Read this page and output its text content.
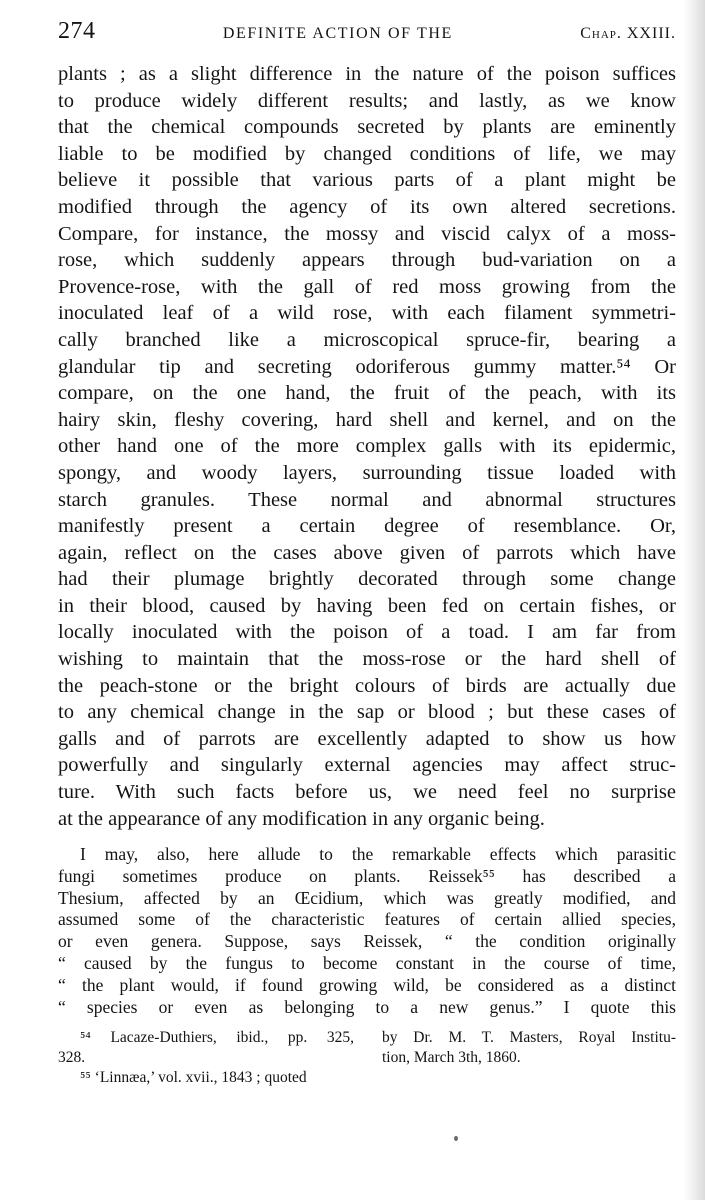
274	DEFINITE ACTION OF THE	Chap. XXIII.
plants ; as a slight difference in the nature of the poison suffices
to produce widely different results; and lastly, as we know
that the chemical compounds secreted by plants are eminently
liable to be modified by changed conditions of life, we may
believe it possible that various parts of a plant might be
modified through the agency of its own altered secretions.
Compare, for instance, the mossy and viscid calyx of a moss-
rose, which suddenly appears through bud-variation on a
Provence-rose, with the gall of red moss growing from the
inoculated leaf of a wild rose, with each filament symmetri-
cally branched like a microscopical spruce-fir, bearing a
glandular tip and secreting odoriferous gummy matter.⁵⁴ Or
compare, on the one hand, the fruit of the peach, with its
hairy skin, fleshy covering, hard shell and kernel, and on the
other hand one of the more complex galls with its epidermic,
spongy, and woody layers, surrounding tissue loaded with
starch granules. These normal and abnormal structures
manifestly present a certain degree of resemblance. Or,
again, reflect on the cases above given of parrots which have
had their plumage brightly decorated through some change
in their blood, caused by having been fed on certain fishes, or
locally inoculated with the poison of a toad. I am far from
wishing to maintain that the moss-rose or the hard shell of
the peach-stone or the bright colours of birds are actually due
to any chemical change in the sap or blood ; but these cases of
galls and of parrots are excellently adapted to show us how
powerfully and singularly external agencies may affect struc-
ture. With such facts before us, we need feel no surprise
at the appearance of any modification in any organic being.
I may, also, here allude to the remarkable effects which parasitic
fungi sometimes produce on plants. Reissek⁵⁵ has described a
Thesium, affected by an Œcidium, which was greatly modified, and
assumed some of the characteristic features of certain allied species,
or even genera. Suppose, says Reissek, “ the condition originally
“ caused by the fungus to become constant in the course of time,
“ the plant would, if found growing wild, be considered as a distinct
“ species or even as belonging to a new genus.” I quote this
⁵⁴ Lacaze-Duthiers, ibid., pp. 325,
328.
⁵⁵ ‘Linnæa,’ vol. xvii., 1843 ; quoted
by Dr. M. T. Masters, Royal Institu-
tion, March 3th, 1860.
